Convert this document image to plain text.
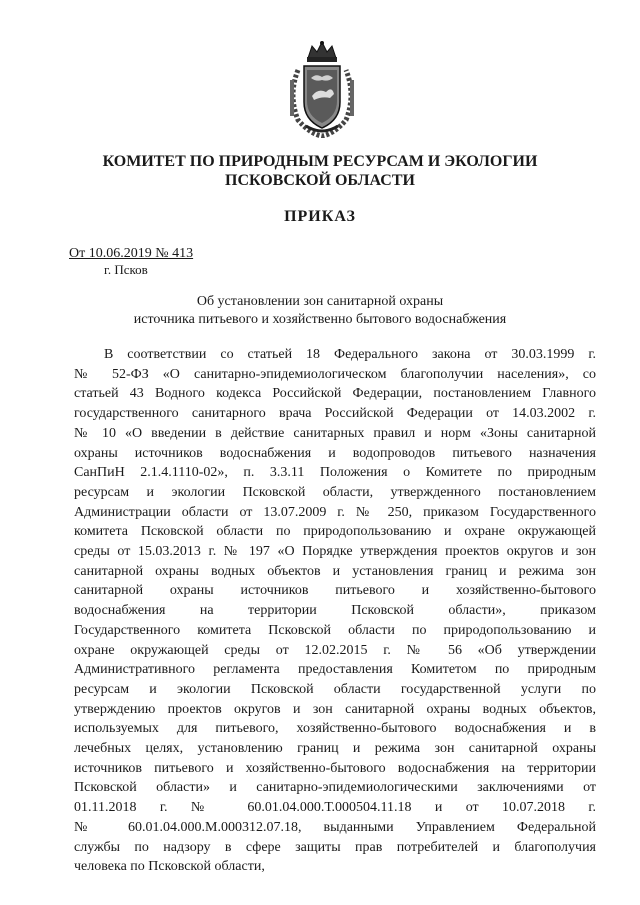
КОМИТЕТ ПО ПРИРОДНЫМ РЕСУРСАМ И ЭКОЛОГИИ
ПСКОВСКОЙ ОБЛАСТИ
ПРИКАЗ
От 10.06.2019 № 413
г. Псков
Об установлении зон санитарной охраны
источника питьевого и хозяйственно бытового водоснабжения
В соответствии со статьей 18 Федерального закона от 30.03.1999 г.
№ 52-ФЗ «О санитарно-эпидемиологическом благополучии населения», со
статьей 43 Водного кодекса Российской Федерации, постановлением Главного
государственного санитарного врача Российской Федерации от 14.03.2002 г.
№ 10 «О введении в действие санитарных правил и норм «Зоны санитарной
охраны источников водоснабжения и водопроводов питьевого назначения
СанПиН 2.1.4.1110-02», п. 3.3.11 Положения о Комитете по природным
ресурсам и экологии Псковской области, утвержденного постановлением
Администрации области от 13.07.2009 г. № 250, приказом Государственного
комитета Псковской области по природопользованию и охране окружающей
среды от 15.03.2013 г. № 197 «О Порядке утверждения проектов округов и зон
санитарной охраны водных объектов и установления границ и режима зон
санитарной охраны источников питьевого и хозяйственно-бытового
водоснабжения на территории Псковской области», приказом
Государственного комитета Псковской области по природопользованию и
охране окружающей среды от 12.02.2015 г. № 56 «Об утверждении
Административного регламента предоставления Комитетом по природным
ресурсам и экологии Псковской области государственной услуги по
утверждению проектов округов и зон санитарной охраны водных объектов,
используемых для питьевого, хозяйственно-бытового водоснабжения и в
лечебных целях, установлению границ и режима зон санитарной охраны
источников питьевого и хозяйственно-бытового водоснабжения на территории
Псковской области» и санитарно-эпидемиологическими заключениями от
01.11.2018 г. № 60.01.04.000.Т.000504.11.18 и от 10.07.2018 г.
№ 60.01.04.000.М.000312.07.18, выданными Управлением Федеральной
службы по надзору в сфере защиты прав потребителей и благополучия
человека по Псковской области,
